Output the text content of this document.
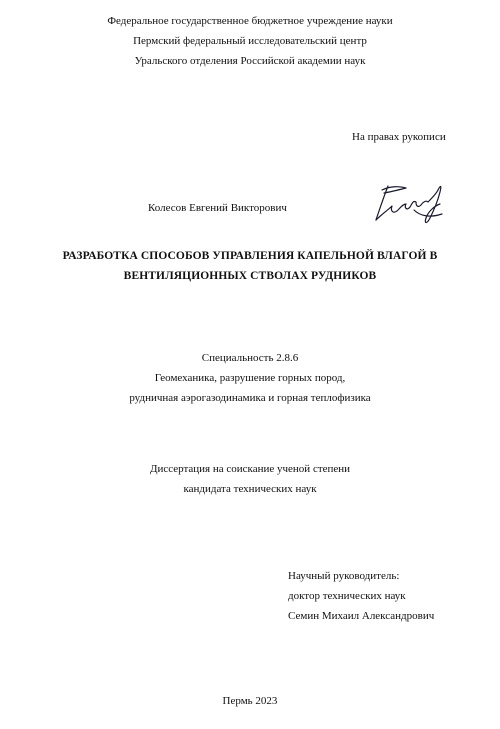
Федеральное государственное бюджетное учреждение науки
Пермский федеральный исследовательский центр
Уральского отделения Российской академии наук
На правах рукописи
Колесов Евгений Викторович
РАЗРАБОТКА СПОСОБОВ УПРАВЛЕНИЯ КАПЕЛЬНОЙ ВЛАГОЙ В
ВЕНТИЛЯЦИОННЫХ СТВОЛАХ РУДНИКОВ
Специальность 2.8.6
Геомеханика, разрушение горных пород,
рудничная аэрогазодинамика и горная теплофизика
Диссертация на соискание ученой степени
кандидата технических наук
Научный руководитель:
доктор технических наук
Семин Михаил Александрович
Пермь 2023
